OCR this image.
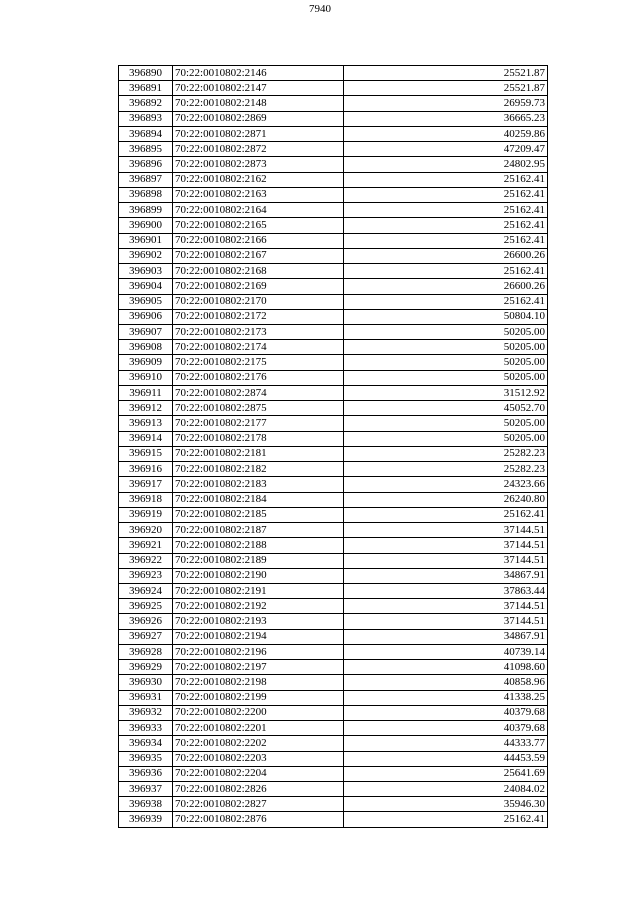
7940
396890	70:22:0010802:2146	25521.87
396891	70:22:0010802:2147	25521.87
396892	70:22:0010802:2148	26959.73
396893	70:22:0010802:2869	36665.23
396894	70:22:0010802:2871	40259.86
396895	70:22:0010802:2872	47209.47
396896	70:22:0010802:2873	24802.95
396897	70:22:0010802:2162	25162.41
396898	70:22:0010802:2163	25162.41
396899	70:22:0010802:2164	25162.41
396900	70:22:0010802:2165	25162.41
396901	70:22:0010802:2166	25162.41
396902	70:22:0010802:2167	26600.26
396903	70:22:0010802:2168	25162.41
396904	70:22:0010802:2169	26600.26
396905	70:22:0010802:2170	25162.41
396906	70:22:0010802:2172	50804.10
396907	70:22:0010802:2173	50205.00
396908	70:22:0010802:2174	50205.00
396909	70:22:0010802:2175	50205.00
396910	70:22:0010802:2176	50205.00
396911	70:22:0010802:2874	31512.92
396912	70:22:0010802:2875	45052.70
396913	70:22:0010802:2177	50205.00
396914	70:22:0010802:2178	50205.00
396915	70:22:0010802:2181	25282.23
396916	70:22:0010802:2182	25282.23
396917	70:22:0010802:2183	24323.66
396918	70:22:0010802:2184	26240.80
396919	70:22:0010802:2185	25162.41
396920	70:22:0010802:2187	37144.51
396921	70:22:0010802:2188	37144.51
396922	70:22:0010802:2189	37144.51
396923	70:22:0010802:2190	34867.91
396924	70:22:0010802:2191	37863.44
396925	70:22:0010802:2192	37144.51
396926	70:22:0010802:2193	37144.51
396927	70:22:0010802:2194	34867.91
396928	70:22:0010802:2196	40739.14
396929	70:22:0010802:2197	41098.60
396930	70:22:0010802:2198	40858.96
396931	70:22:0010802:2199	41338.25
396932	70:22:0010802:2200	40379.68
396933	70:22:0010802:2201	40379.68
396934	70:22:0010802:2202	44333.77
396935	70:22:0010802:2203	44453.59
396936	70:22:0010802:2204	25641.69
396937	70:22:0010802:2826	24084.02
396938	70:22:0010802:2827	35946.30
396939	70:22:0010802:2876	25162.41
